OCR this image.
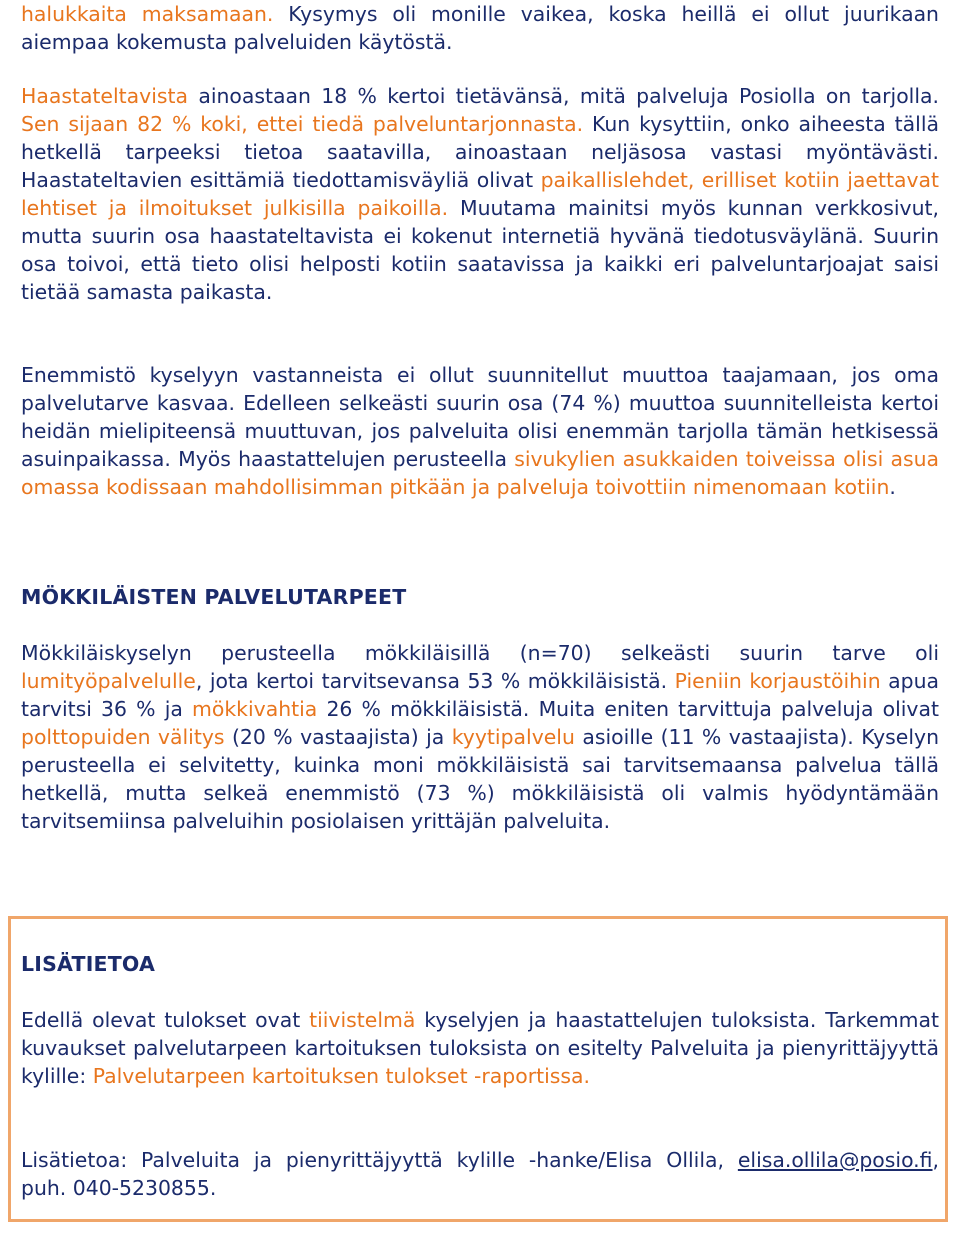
halukkaita maksamaan. Kysymys oli monille vaikea, koska heillä ei ollut juurikaan aiempaa kokemusta palveluiden käytöstä.

Haastateltavista ainoastaan 18 % kertoi tietävänsä, mitä palveluja Posiolla on tarjolla. Sen sijaan 82 % koki, ettei tiedä palveluntarjonnasta. Kun kysyttiin, onko aiheesta tällä hetkellä tarpeeksi tietoa saatavilla, ainoastaan neljäsosa vastasi myöntävästi. Haastateltavien esittämiä tiedottamisväyliä olivat paikallislehdet, erilliset kotiin jaettavat lehtiset ja ilmoitukset julkisilla paikoilla. Muutama mainitsi myös kunnan verkkosivut, mutta suurin osa haastateltavista ei kokenut internetiä hyvänä tiedotusväylänä. Suurin osa toivoi, että tieto olisi helposti kotiin saatavissa ja kaikki eri palveluntarjoajat saisi tietää samasta paikasta.

Enemmistö kyselyyn vastanneista ei ollut suunnitellut muuttoa taajamaan, jos oma palvelutarve kasvaa. Edelleen selkeästi suurin osa (74 %) muuttoa suunnitelleista kertoi heidän mielipiteensä muuttuvan, jos palveluita olisi enemmän tarjolla tämän hetkisessä asuinpaikassa. Myös haastattelujen perusteella sivukylien asukkaiden toiveissa olisi asua omassa kodissaan mahdollisimman pitkään ja palveluja toivottiin nimenomaan kotiin.

MÖKKILÄISTEN PALVELUTARPEET

Mökkiläiskyselyn perusteella mökkiläisillä (n=70) selkeästi suurin tarve oli lumityöpalvelulle, jota kertoi tarvitsevansa 53 % mökkiläisistä. Pieniin korjaustöihin apua tarvitsi 36 % ja mökkivahtia 26 % mökkiläisistä. Muita eniten tarvittuja palveluja olivat polttopuiden välitys (20 % vastaajista) ja kyytipalvelu asioille (11 % vastaajista). Kyselyn perusteella ei selvitetty, kuinka moni mökkiläisistä sai tarvitsemaansa palvelua tällä hetkellä, mutta selkeä enemmistö (73 %) mökkiläisistä oli valmis hyödyntämään tarvitsemiinsa palveluihin posiolaisen yrittäjän palveluita.

LISÄTIETOA

Edellä olevat tulokset ovat tiivistelmä kyselyjen ja haastattelujen tuloksista. Tarkemmat kuvaukset palvelutarpeen kartoituksen tuloksista on esitelty Palveluita ja pienyrittäjyyttä kylille: Palvelutarpeen kartoituksen tulokset -raportissa.

Lisätietoa: Palveluita ja pienyrittäjyyttä kylille -hanke/Elisa Ollila, elisa.ollila@posio.fi, puh. 040-5230855.
